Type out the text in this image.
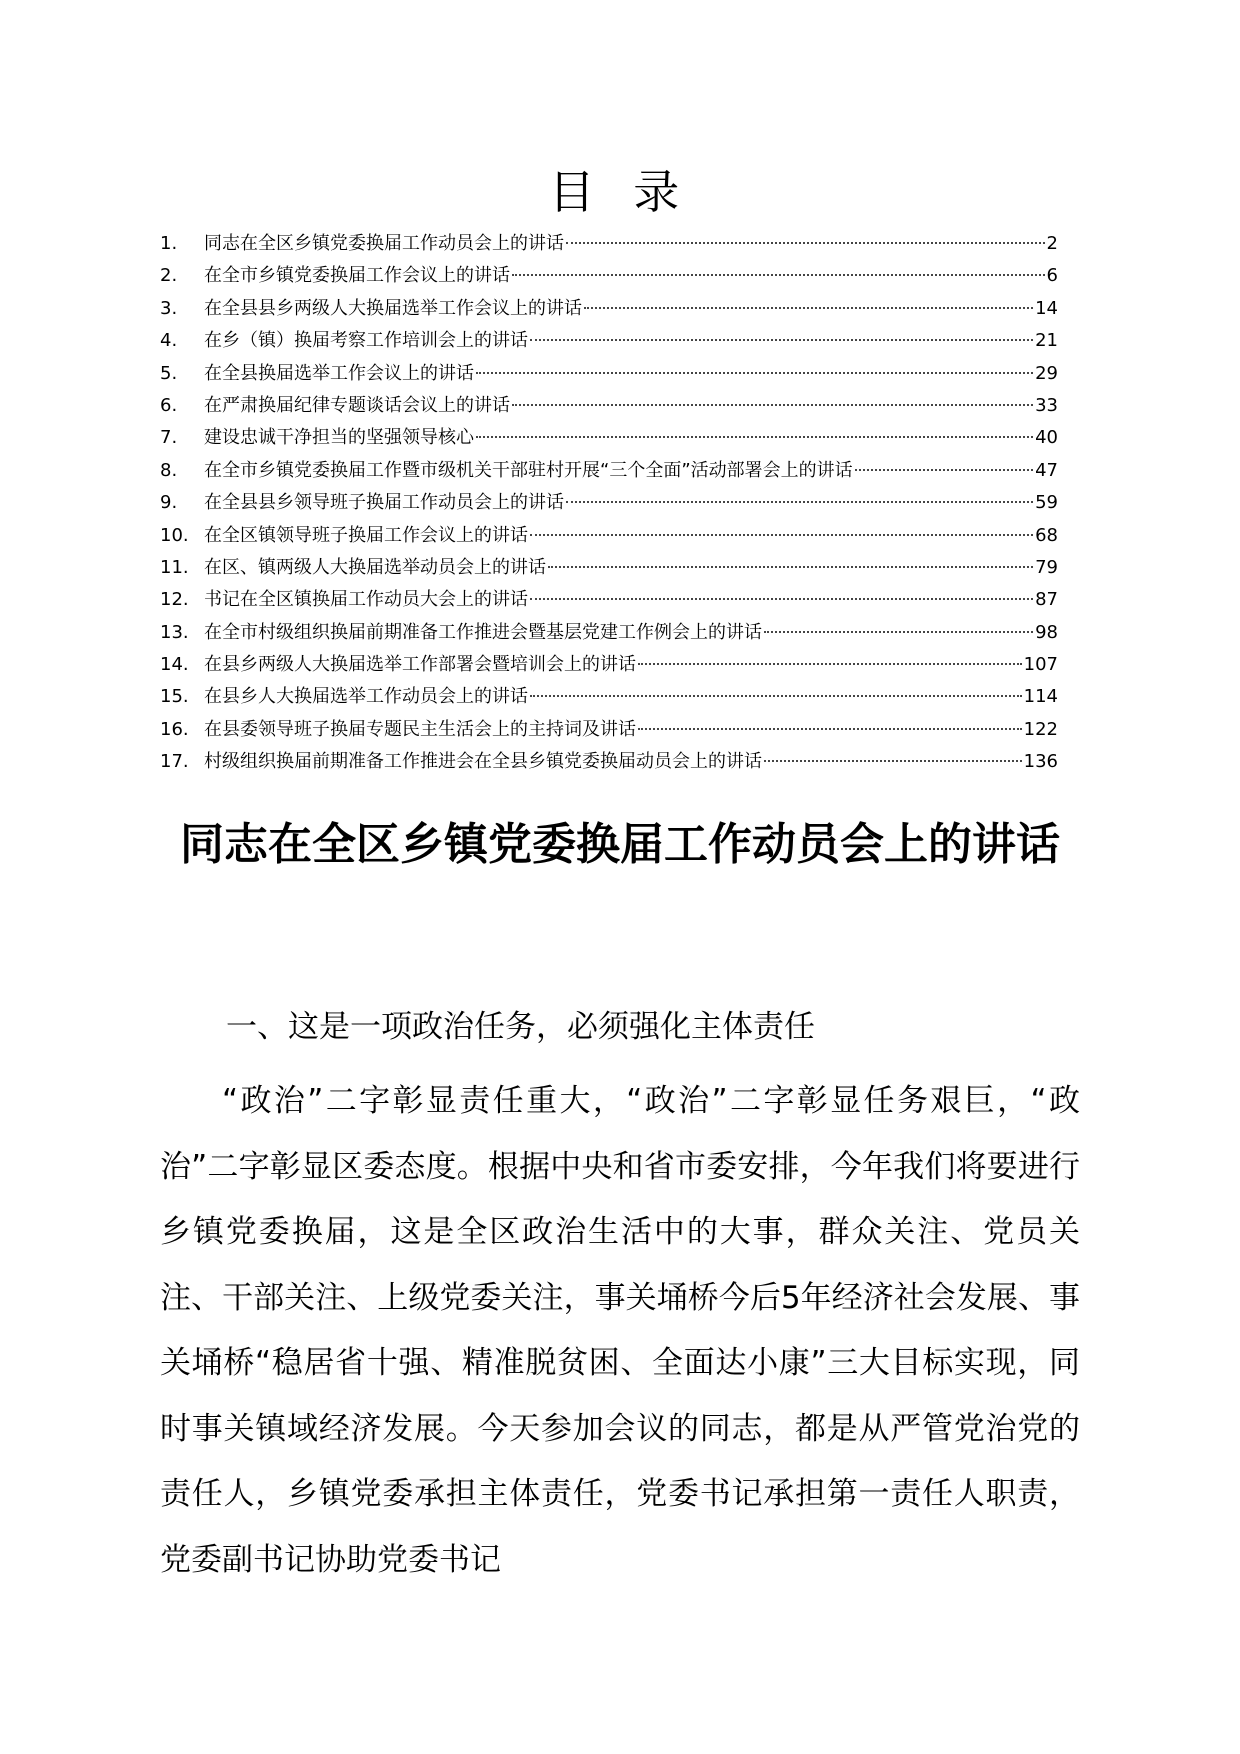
目 录
1.	同志在全区乡镇党委换届工作动员会上的讲话	2
2.	在全市乡镇党委换届工作会议上的讲话	6
3.	在全县县乡两级人大换届选举工作会议上的讲话	14
4.	在乡（镇）换届考察工作培训会上的讲话	21
5.	在全县换届选举工作会议上的讲话	29
6.	在严肃换届纪律专题谈话会议上的讲话	33
7.	建设忠诚干净担当的坚强领导核心	40
8.	在全市乡镇党委换届工作暨市级机关干部驻村开展“三个全面”活动部署会上的讲话	47
9.	在全县县乡领导班子换届工作动员会上的讲话	59
10. 在全区镇领导班子换届工作会议上的讲话	68
11. 在区、镇两级人大换届选举动员会上的讲话	79
12. 书记在全区镇换届工作动员大会上的讲话	87
13. 在全市村级组织换届前期准备工作推进会暨基层党建工作例会上的讲话	98
14. 在县乡两级人大换届选举工作部署会暨培训会上的讲话	107
15. 在县乡人大换届选举工作动员会上的讲话	114
16. 在县委领导班子换届专题民主生活会上的主持词及讲话	122
17. 村级组织换届前期准备工作推进会在全县乡镇党委换届动员会上的讲话	136
同志在全区乡镇党委换届工作动员会上的讲话
一、这是一项政治任务，必须强化主体责任

“政治”二字彰显责任重大，“政治”二字彰显任务艰巨，“政治”二字彰显区委态度。根据中央和省市委安排，今年我们将要进行乡镇党委换届，这是全区政治生活中的大事，群众关注、党员关注、干部关注、上级党委关注，事关埇桥今后5年经济社会发展、事关埇桥“稳居省十强、精准脱贫困、全面达小康”三大目标实现，同时事关镇域经济发展。今天参加会议的同志，都是从严管党治党的责任人，乡镇党委承担主体责任，党委书记承担第一责任人职责，党委副书记协助党委书记
